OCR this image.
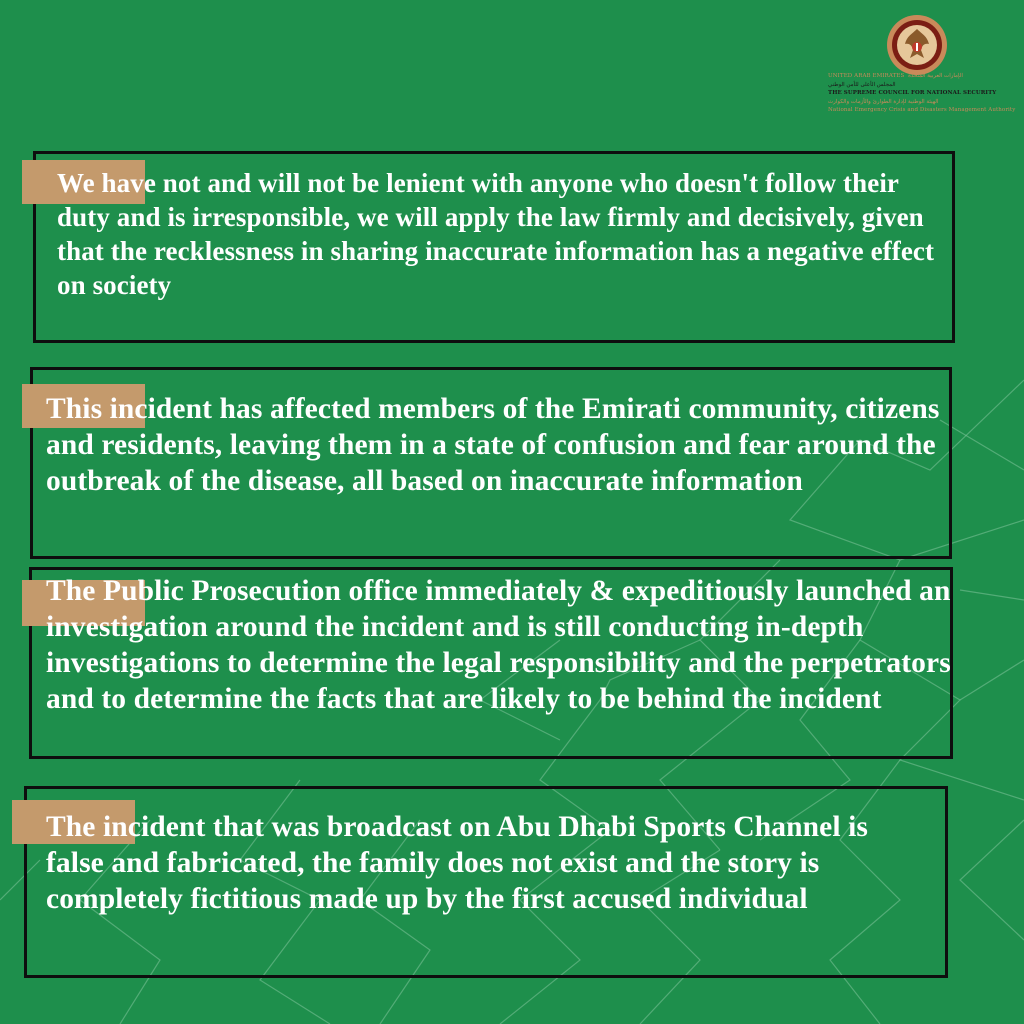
UNITED ARAB EMIRATES الإمارات العربية المتحدة
المجلس الأعلى للأمن الوطني
THE SUPREME COUNCIL FOR NATIONAL SECURITY
الهيئة الوطنية لإدارة الطوارئ والأزمات والكوارث
National Emergency Crisis and Disasters Management Authority

We have not and will not be lenient with anyone who doesn't follow their duty and is irresponsible, we will apply the law firmly and decisively, given that the recklessness in sharing inaccurate information has a negative effect on society

This incident has affected members of the Emirati community, citizens and residents, leaving them in a state of confusion and fear around the outbreak of the disease, all based on inaccurate information

The Public Prosecution office immediately & expeditiously launched an investigation around the incident and is still conducting in-depth investigations to determine the legal responsibility and the perpetrators and to determine the facts that are likely to be behind the incident

The incident that was broadcast on Abu Dhabi Sports Channel is false and fabricated, the family does not exist and the story is completely fictitious made up by the first accused individual
